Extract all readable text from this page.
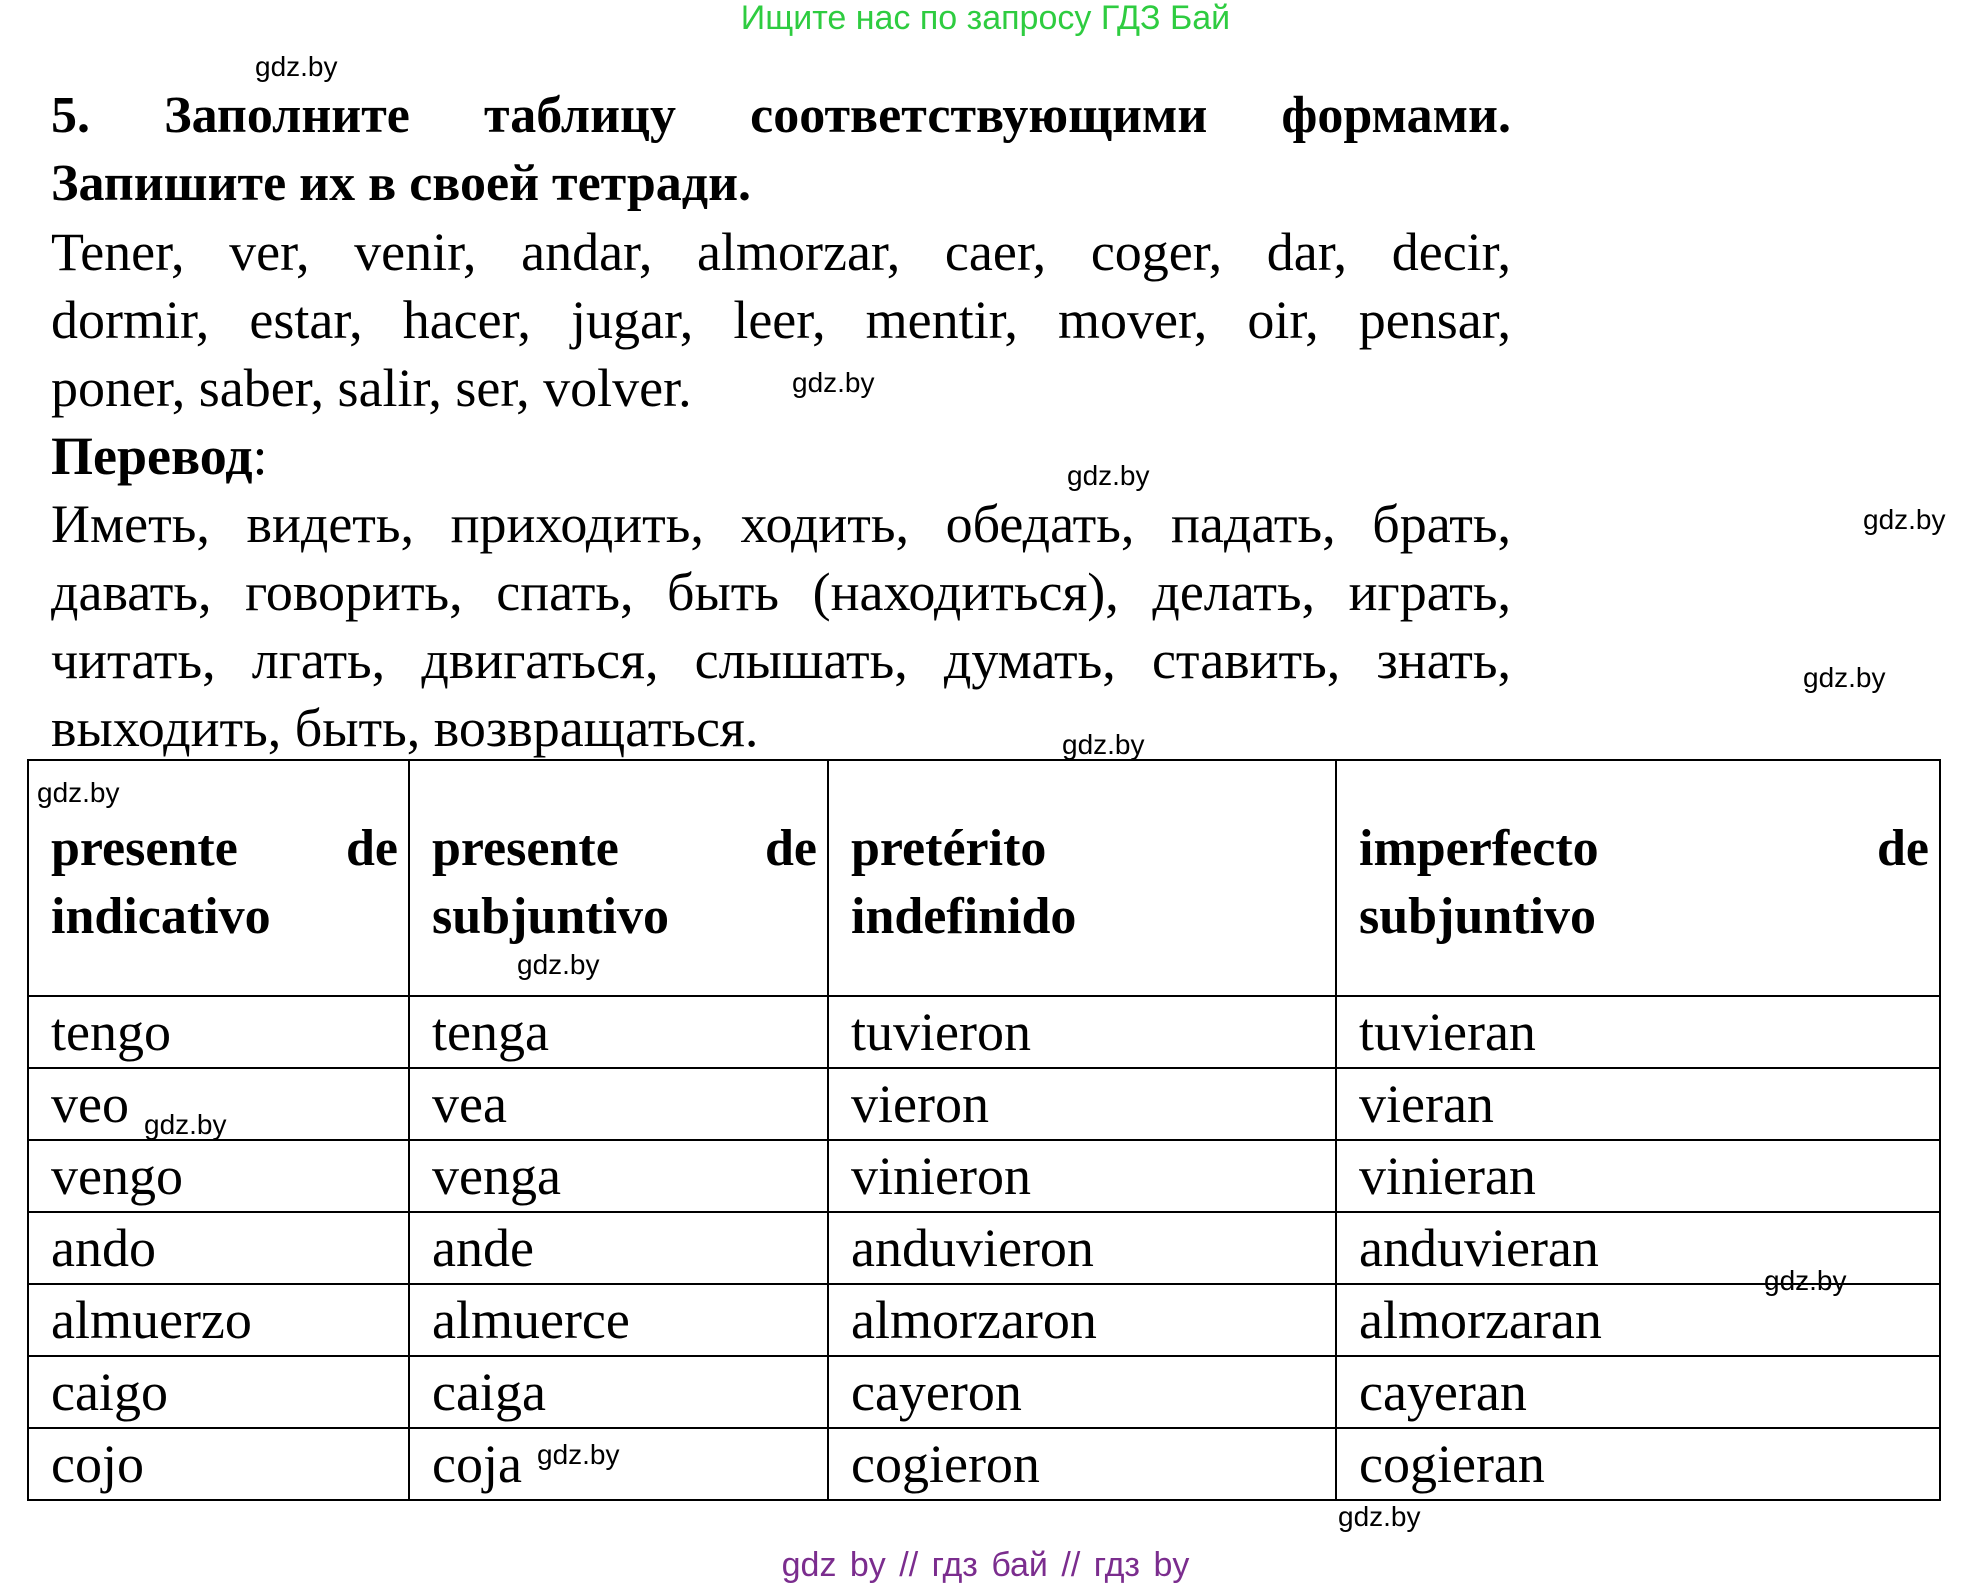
Ищите нас по запросу ГДЗ Бай
gdz.by
gdz.by
gdz.by
gdz.by
gdz.by
gdz.by
gdz.by
gdz.by
gdz.by
gdz.by
gdz.by
gdz.by

5. Заполните таблицу соответствующими формами.
Запишите их в своей тетради.

Tener, ver, venir, andar, almorzar, caer, coger, dar, decir,
dormir, estar, hacer, jugar, leer, mentir, mover, oir, pensar,
poner, saber, salir, ser, volver.

Перевод:

Иметь, видеть, приходить, ходить, обедать, падать, брать,
давать, говорить, спать, быть (находиться), делать, играть,
читать, лгать, двигаться, слышать, думать, ставить, знать,
выходить, быть, возвращаться.

presente de
indicativo	presente de
subjuntivo	pretérito
indefinido	imperfecto de
subjuntivo

tengo	tenga	tuvieron	tuvieran
veo	vea	vieron	vieran
vengo	venga	vinieron	vinieran
ando	ande	anduvieron	anduvieran
almuerzo	almuerce	almorzaron	almorzaran
caigo	caiga	cayeron	cayeran
cojo	coja	cogieron	cogieran
gdz by // гдз бай // гдз by
